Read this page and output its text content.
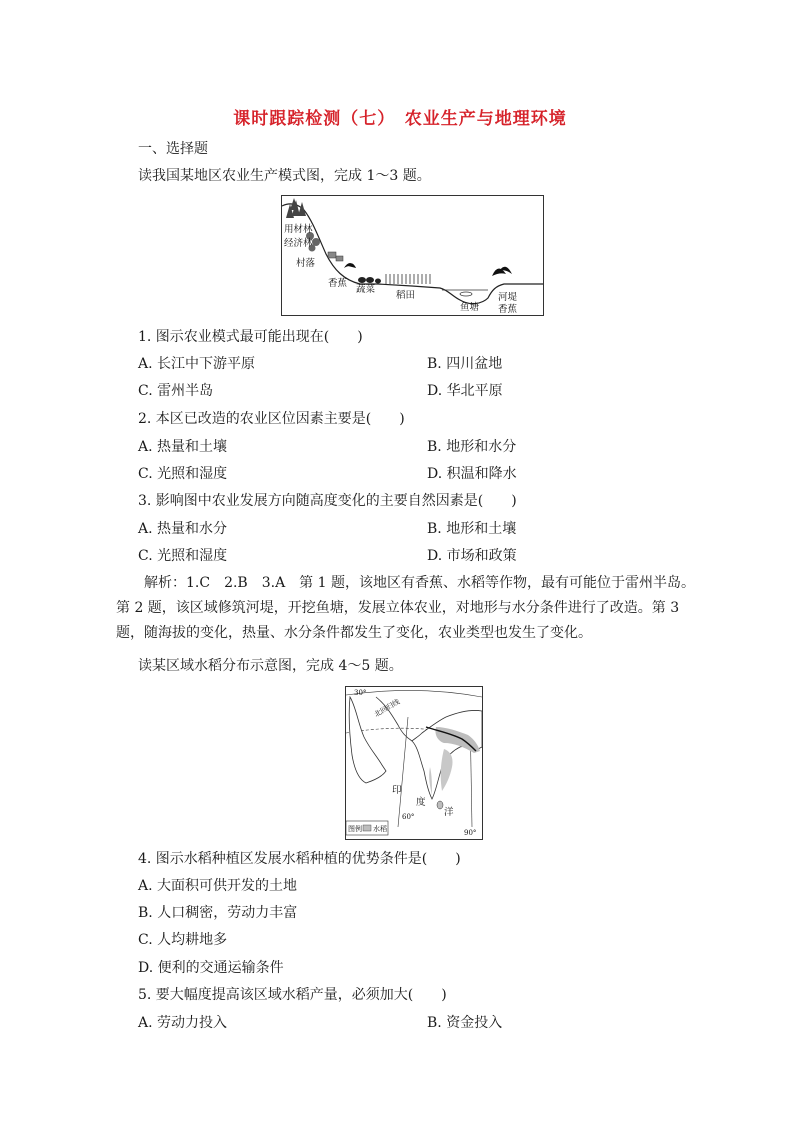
课时跟踪检测（七）　农业生产与地理环境
一、选择题
读我国某地区农业生产模式图，完成 1～3 题。
用材林
经济林
村落
香蕉
蔬菜
稻田
鱼塘
河堤
香蕉
1. 图示农业模式最可能出现在(　　)
A. 长江中下游平原	B. 四川盆地
C. 雷州半岛	D. 华北平原
2. 本区已改造的农业区位因素主要是(　　)
A. 热量和土壤	B. 地形和水分
C. 光照和湿度	D. 积温和降水
3. 影响图中农业发展方向随高度变化的主要自然因素是(　　)
A. 热量和水分	B. 地形和土壤
C. 光照和湿度	D. 市场和政策
解析：1.C　2.B　3.A　第 1 题，该地区有香蕉、水稻等作物，最有可能位于雷州半岛。第 2 题，该区域修筑河堤，开挖鱼塘，发展立体农业，对地形与水分条件进行了改造。第 3 题，随海拔的变化，热量、水分条件都发生了变化，农业类型也发生了变化。
读某区域水稻分布示意图，完成 4～5 题。
30°
北回归线
印
度
洋
60°
90°
图例 水稻
4. 图示水稻种植区发展水稻种植的优势条件是(　　)
A. 大面积可供开发的土地
B. 人口稠密，劳动力丰富
C. 人均耕地多
D. 便利的交通运输条件
5. 要大幅度提高该区域水稻产量，必须加大(　　)
A. 劳动力投入	B. 资金投入
